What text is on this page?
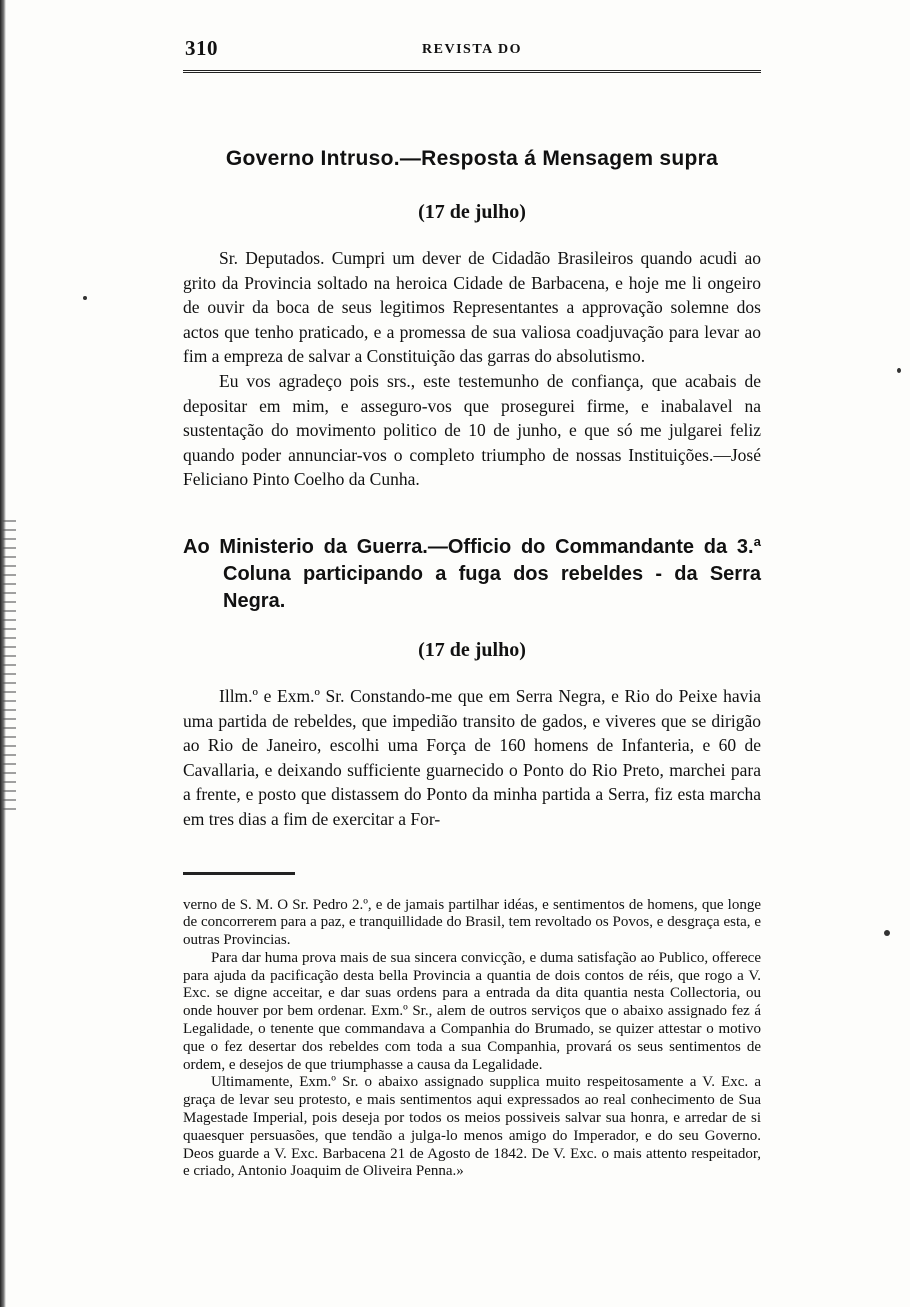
310	REVISTA DO
Governo Intruso.—Resposta á Mensagem supra
(17 de julho)

Sr. Deputados. Cumpri um dever de Cidadão Brasileiros quando acudi ao grito da Provincia soltado na heroica Cidade de Barbacena, e hoje me li ongeiro de ouvir da boca de seus legitimos Representantes a approvação solemne dos actos que tenho praticado, e a promessa de sua valiosa coadjuvação para levar ao fim a empreza de salvar a Constituição das garras do absolutismo.

Eu vos agradeço pois srs., este testemunho de confiança, que acabais de depositar em mim, e asseguro-vos que prosegurei firme, e inabalavel na sustentação do movimento politico de 10 de junho, e que só me julgarei feliz quando poder annunciar-vos o completo triumpho de nossas Instituições.—José Feliciano Pinto Coelho da Cunha.

Ao Ministerio da Guerra.—Officio do Commandante da 3.ª Coluna participando a fuga dos rebeldes - da Serra Negra.
(17 de julho)

Illm.º e Exm.º Sr. Constando-me que em Serra Negra, e Rio do Peixe havia uma partida de rebeldes, que impedião transito de gados, e viveres que se dirigão ao Rio de Janeiro, escolhi uma Força de 160 homens de Infanteria, e 60 de Cavallaria, e deixando sufficiente guarnecido o Ponto do Rio Preto, marchei para a frente, e posto que distassem do Ponto da minha partida a Serra, fiz esta marcha em tres dias a fim de exercitar a For-

verno de S. M. O Sr. Pedro 2.º, e de jamais partilhar idéas, e sentimentos de homens, que longe de concorrerem para a paz, e tranquillidade do Brasil, tem revoltado os Povos, e desgraça esta, e outras Provincias.

Para dar huma prova mais de sua sincera convicção, e duma satisfação ao Publico, offerece para ajuda da pacificação desta bella Provincia a quantia de dois contos de réis, que rogo a V. Exc. se digne acceitar, e dar suas ordens para a entrada da dita quantia nesta Collectoria, ou onde houver por bem ordenar. Exm.º Sr., alem de outros serviços que o abaixo assignado fez á Legalidade, o tenente que commandava a Companhia do Brumado, se quizer attestar o motivo que o fez desertar dos rebeldes com toda a sua Companhia, provará os seus sentimentos de ordem, e desejos de que triumphasse a causa da Legalidade.

Ultimamente, Exm.º Sr. o abaixo assignado supplica muito respeitosamente a V. Exc. a graça de levar seu protesto, e mais sentimentos aqui expressados ao real conhecimento de Sua Magestade Imperial, pois deseja por todos os meios possiveis salvar sua honra, e arredar de si quaesquer persuasões, que tendão a julga-lo menos amigo do Imperador, e do seu Governo. Deos guarde a V. Exc. Barbacena 21 de Agosto de 1842. De V. Exc. o mais attento respeitador, e criado, Antonio Joaquim de Oliveira Penna.»
